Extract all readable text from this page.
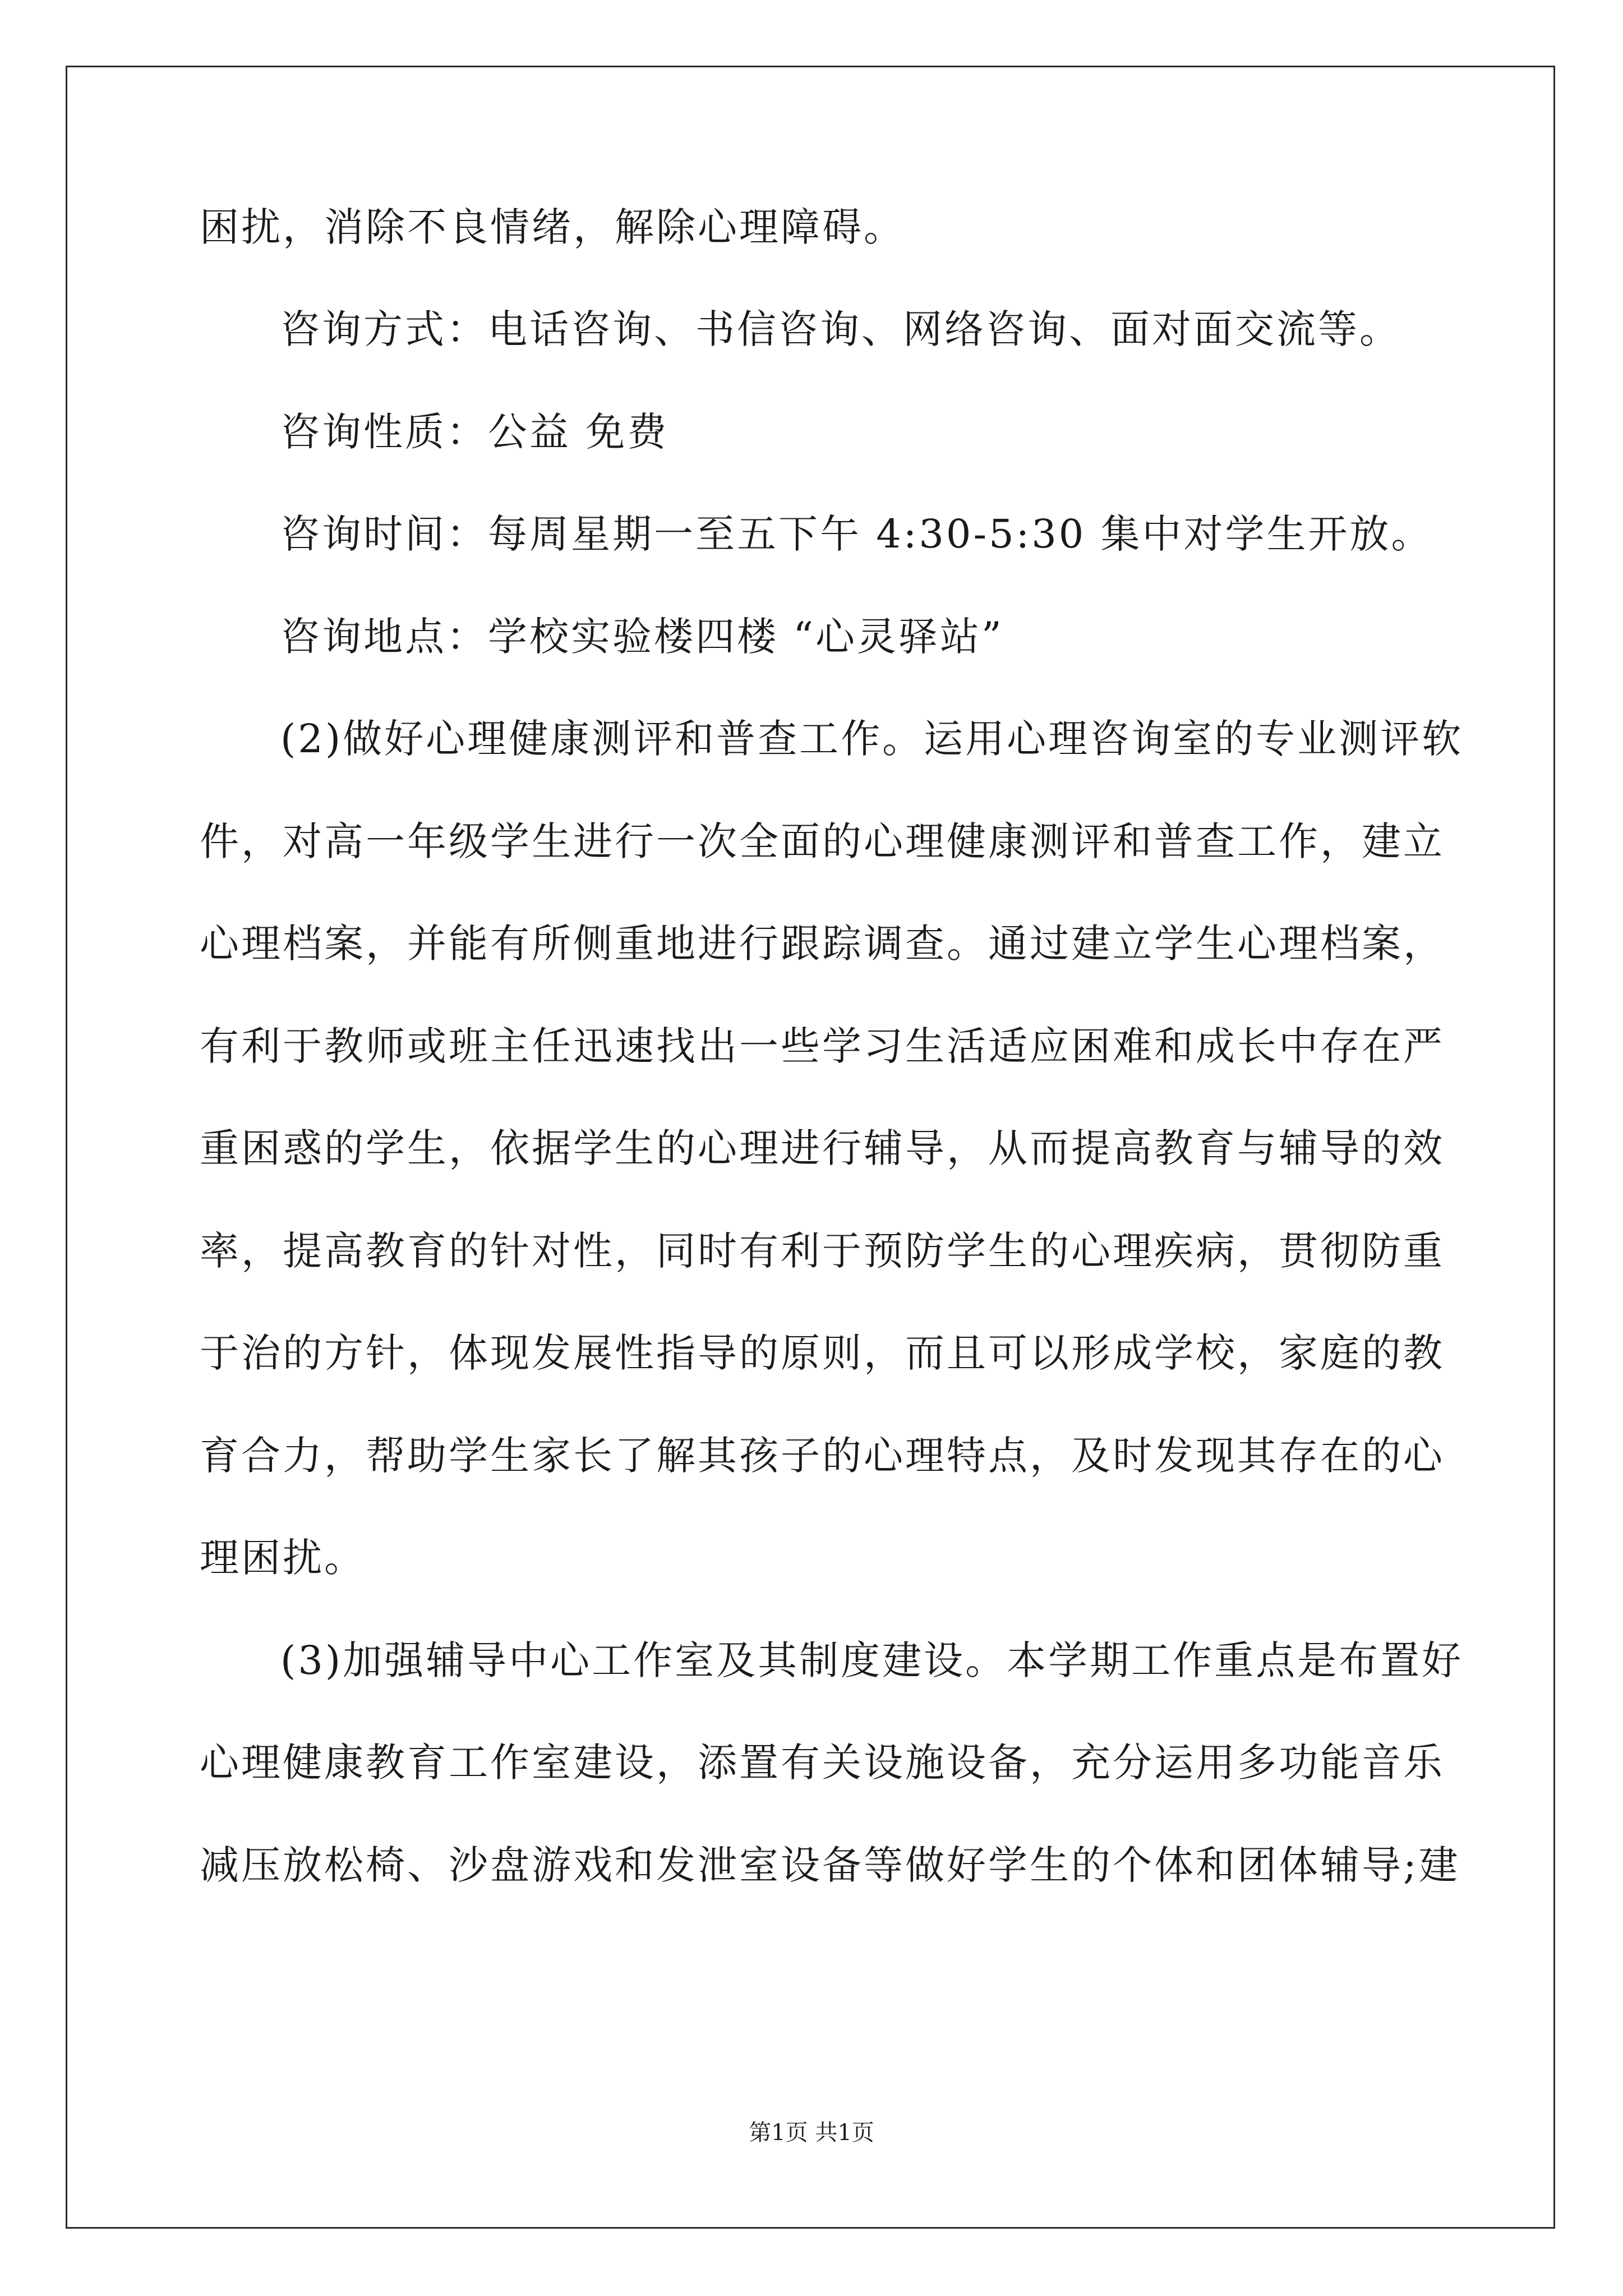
困扰，消除不良情绪，解除心理障碍。
咨询方式：电话咨询、书信咨询、网络咨询、面对面交流等。
咨询性质：公益 免费
咨询时间：每周星期一至五下午 4:30-5:30 集中对学生开放。
咨询地点：学校实验楼四楼 “心灵驿站”
(2)做好心理健康测评和普查工作。运用心理咨询室的专业测评软
件，对高一年级学生进行一次全面的心理健康测评和普查工作，建立
心理档案，并能有所侧重地进行跟踪调查。通过建立学生心理档案，
有利于教师或班主任迅速找出一些学习生活适应困难和成长中存在严
重困惑的学生，依据学生的心理进行辅导，从而提高教育与辅导的效
率，提高教育的针对性，同时有利于预防学生的心理疾病，贯彻防重
于治的方针，体现发展性指导的原则，而且可以形成学校，家庭的教
育合力，帮助学生家长了解其孩子的心理特点，及时发现其存在的心
理困扰。
(3)加强辅导中心工作室及其制度建设。本学期工作重点是布置好
心理健康教育工作室建设，添置有关设施设备，充分运用多功能音乐
减压放松椅、沙盘游戏和发泄室设备等做好学生的个体和团体辅导;建
第1页 共1页
